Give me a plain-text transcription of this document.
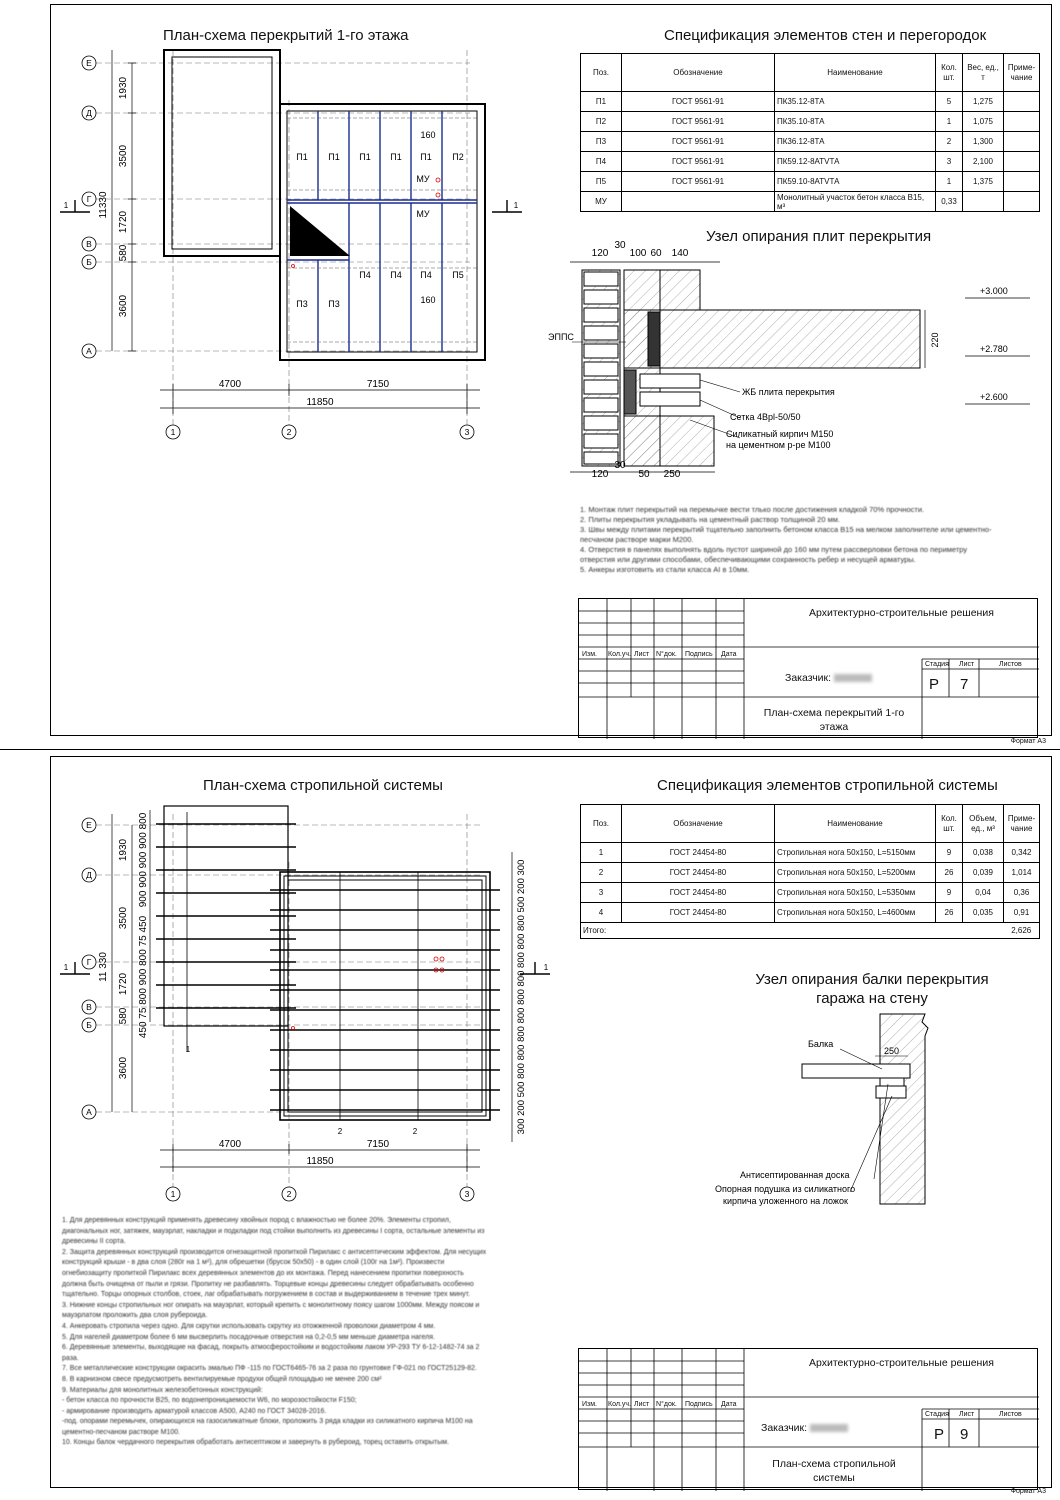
План-схема перекрытий 1-го этажа	Спецификация элементов стен и перегородок
Е
Д
Г
В
Б
А
1	2	3
4700	7150
11850
П1 П1 П1 П1 П1 П2
П3 П3
П4 П4 П4 П5
МУ
МУ
160
160
1	1
1930
3500
1720
580
3600
11330
Поз.	Обозначение	Наименование	Кол. шт.	Вес, ед., т	Приме- чание
П1	ГОСТ 9561-91	ПК35.12-8ТА	5	1,275	
П2	ГОСТ 9561-91	ПК35.10-8ТА	1	1,075	
П3	ГОСТ 9561-91	ПК36.12-8ТА	2	1,300	
П4	ГОСТ 9561-91	ПК59.12-8АТVТА	3	2,100	
П5	ГОСТ 9561-91	ПК59.10-8АТVТА	1	1,375	
МУ		Монолитный участок бетон класса В15, м³	0,33		
Узел опирания плит перекрытия
120
30
100 60 140
120
30
50 250
ЭППС
ЖБ плита перекрытия
Сетка 4Bpl-50/50
Силикатный кирпич М150
на цементном р-ре М100
+3.000
+2.780
+2.600
220
1. Монтаж плит перекрытий на перемычке вести тлько после достижения кладкой 70% прочности.
2. Плиты перекрытия укладывать на цементный раствор толщиной 20 мм.
3. Швы между плитами перекрытий тщательно заполнить бетоном класса В15 на мелком заполнителе или цементно-
песчаном растворе марки М200.
4. Отверстия в панелях выполнять вдоль пустот шириной до 160 мм путем рассверловки бетона по периметру
отверстия или другими способами, обеспечивающими сохранность ребер и несущей арматуры.
5. Анкеры изготовить из стали класса АI в 10мм.
Изм. Кол.уч. Лист N°док. Подпись Дата
Архитектурно-строительные решения
Заказчик:
Стадия Лист	Листов
Р 7
План-схема перекрытий 1-го этажа
Формат А3
План-схема стропильной системы	Спецификация элементов стропильной системы
Е
Д
Г
В
Б
А
1	2	3
4700	7150
11850
2	2
1
1	1
1930
3500
1720
580
3600
11 330
900 900 900 900 800
450 75 800 900 800 75 450	300 200 500 800 800 800 800 800 800 800 800 800 500 200 300
Поз.	Обозначение	Наименование	Кол. шт.	Объем, ед., м³	Приме- чание
1	ГОСТ 24454-80	Стропильная нога 50х150, L=5150мм	9	0,038	0,342
2	ГОСТ 24454-80	Стропильная нога 50х150, L=5200мм	26	0,039	1,014
3	ГОСТ 24454-80	Стропильная нога 50х150, L=5350мм	9	0,04	0,36
4	ГОСТ 24454-80	Стропильная нога 50х150, L=4600мм	26	0,035	0,91
Итого:					2,626
Узел опирания балки перекрытия гаража на стену
Балка
250
Антисептированная доска
Опорная подушка из силикатного
кирпича уложенного на ложок
1. Для деревянных конструкций применять древесину хвойных пород с влажностью не более 20%. Элементы стропил,
диагональных ног, затяжек, мауэрлат, накладки и подкладки под стойки выполнить из древесины I сорта, остальные элементы из
древесины II сорта.
2. Защита деревянных конструкций производится огнезащитной пропиткой Пирилакс с антисептическим эффектом. Для несущих
конструкций крыши - в два слоя (280г на 1 м²), для обрешетки (брусок 50х50) - в один слой (100г на 1м²). Произвести
огнебиозащиту пропиткой Пирилакс всех деревянных элементов до их монтажа. Перед нанесением пропитки поверхность
должна быть очищена от пыли и грязи. Пропитку не разбавлять. Торцевые концы древесины следует обрабатывать особенно
тщательно. Торцы опорных столбов, стоек, лаг обрабатывать погружением в состав и выдерживанием в течение трех минут.
3. Нижние концы стропильных ног опирать на мауэрлат, который крепить с монолитному поясу шагом 1000мм. Между поясом и
мауэрлатом проложить два слоя рубероида.
4. Анкеровать стропила через одно. Для скрутки использовать скрутку из отожженной проволоки диаметром 4 мм.
5. Для нагелей диаметром более 6 мм высверлить посадочные отверстия на 0,2-0,5 мм меньше диаметра нагеля.
6. Деревянные элементы, выходящие на фасад, покрыть атмосферостойким и водостойким лаком УР-293 ТУ 6-12-1482-74 за 2
раза.
7. Все металлические конструкции окрасить эмалью ПФ -115 по ГОСТ6465-76 за 2 раза по грунтовке ГФ-021 по ГОСТ25129-82.
8. В карнизном свесе предусмотреть вентилируемые продухи общей площадью не менее 200 см²
9. Материалы для монолитных железобетонных конструкций:
- бетон класса по прочности В25, по водонепроницаемости W6, по морозостойкости F150;
- армирование производить арматурой классов А500, А240 по ГОСТ 34028-2016.
-под. опорами перемычек, опирающихся на газосиликатные блоки, проложить 3 ряда кладки из силикатного кирпича М100 на
цементно-песчаном растворе М100.
10. Концы балок чердачного перекрытия обработать антисептиком и завернуть в рубероид, торец оставить открытым.
Изм. Кол.уч. Лист N°док. Подпись Дата
Архитектурно-строительные решения
Заказчик:
Стадия Лист	Листов
Р 9
План-схема стропильной системы
Формат А3
